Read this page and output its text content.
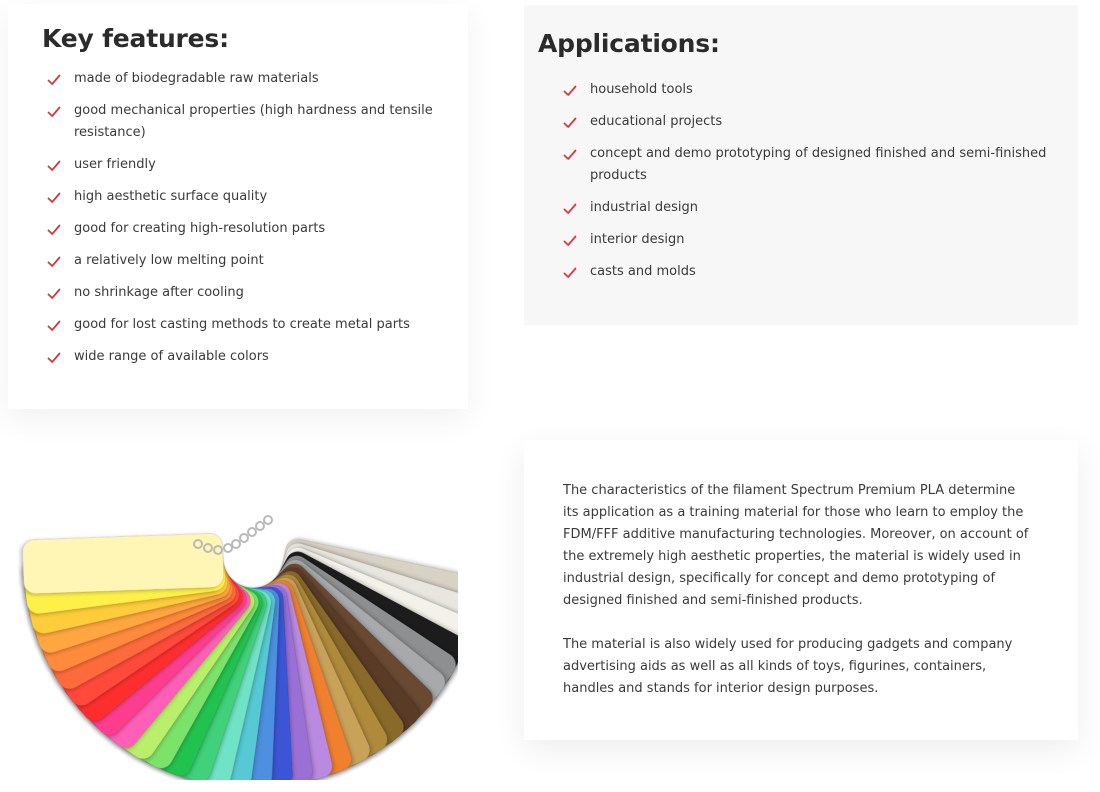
Key features:
made of biodegradable raw materials
good mechanical properties (high hardness and tensile resistance)
user friendly
high aesthetic surface quality
good for creating high-resolution parts
a relatively low melting point
no shrinkage after cooling
good for lost casting methods to create metal parts
wide range of available colors
Applications:
household tools
educational projects
concept and demo prototyping of designed finished and semi-finished products
industrial design
interior design
casts and molds

The characteristics of the filament Spectrum Premium PLA determine its application as a training material for those who learn to employ the FDM/FFF additive manufacturing technologies. Moreover, on account of the extremely high aesthetic properties, the material is widely used in industrial design, specifically for concept and demo prototyping of designed finished and semi-finished products.

The material is also widely used for producing gadgets and company advertising aids as well as all kinds of toys, figurines, containers, handles and stands for interior design purposes.
